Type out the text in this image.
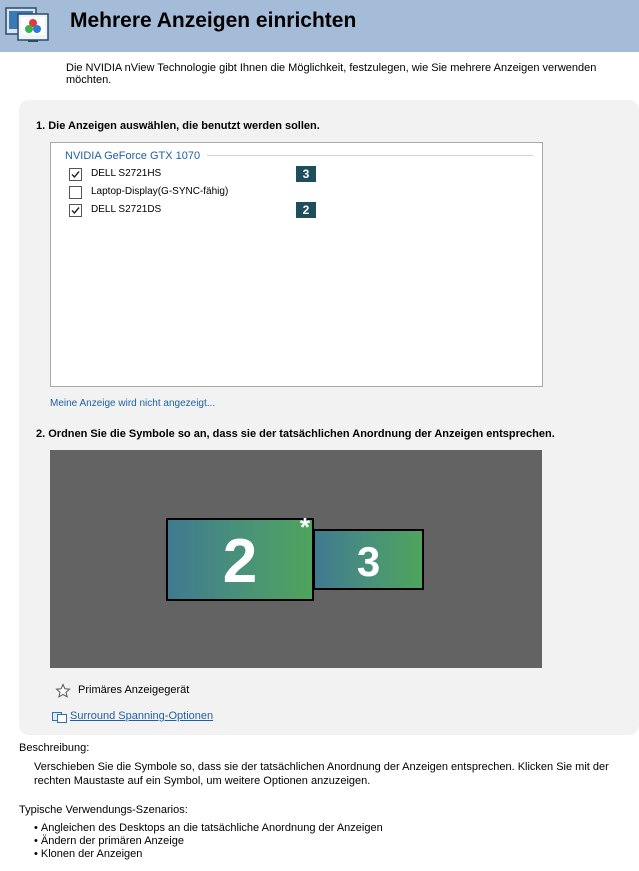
Mehrere Anzeigen einrichten
Die NVIDIA nView Technologie gibt Ihnen die Möglichkeit, festzulegen, wie Sie mehrere Anzeigen verwenden möchten.
1. Die Anzeigen auswählen, die benutzt werden sollen.
NVIDIA GeForce GTX 1070
DELL S2721HS	3
Laptop-Display(G-SYNC-fähig)
DELL S2721DS	2
Meine Anzeige wird nicht angezeigt...
2. Ordnen Sie die Symbole so an, dass sie der tatsächlichen Anordnung der Anzeigen entsprechen.
2 *
3
Primäres Anzeigegerät
Surround Spanning-Optionen
Beschreibung:
Verschieben Sie die Symbole so, dass sie der tatsächlichen Anordnung der Anzeigen entsprechen. Klicken Sie mit der rechten Maustaste auf ein Symbol, um weitere Optionen anzuzeigen.
Typische Verwendungs-Szenarios:
• Angleichen des Desktops an die tatsächliche Anordnung der Anzeigen
• Ändern der primären Anzeige
• Klonen der Anzeigen
